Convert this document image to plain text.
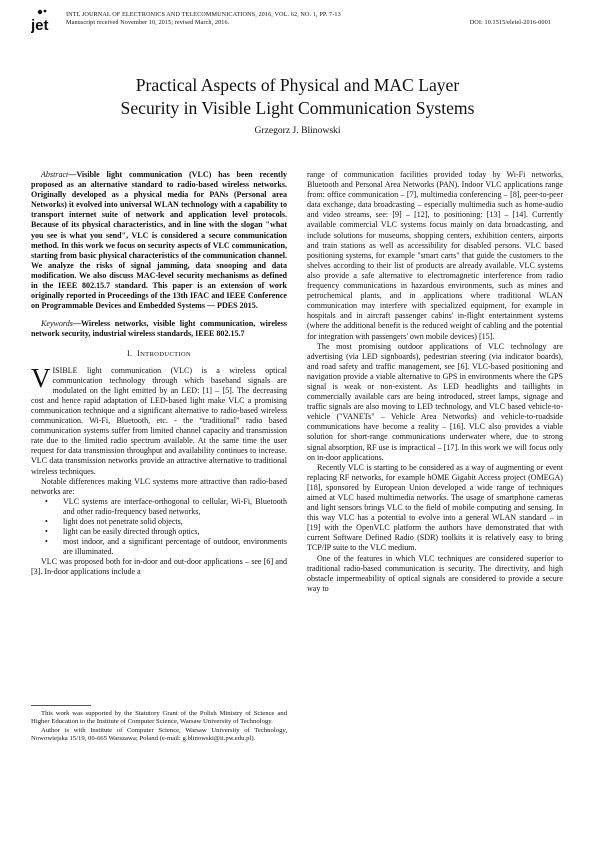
jet
INTL JOURNAL OF ELECTRONICS AND TELECOMMUNICATIONS, 2016, VOL. 62, NO. 1, PP. 7-13
Manuscript received November 10, 2015; revised March, 2016.	DOI: 10.1515/eletel-2016-0001
Practical Aspects of Physical and MAC Layer
Security in Visible Light Communication Systems
Grzegorz J. Blinowski

Abstract—Visible light communication (VLC) has been recently proposed as an alternative standard to radio-based wireless networks. Originally developed as a physical media for PANs (Personal area Networks) it evolved into universal WLAN technology with a capability to transport internet suite of network and application level protocols. Because of its physical characteristics, and in line with the slogan "what you see is what you send", VLC is considered a secure communication method. In this work we focus on security aspects of VLC communication, starting from basic physical characteristics of the communication channel. We analyze the risks of signal jamming, data snooping and data modification. We also discuss MAC-level security mechanisms as defined in the IEEE 802.15.7 standard. This paper is an extension of work originally reported in Proceedings of the 13th IFAC and IEEE Conference on Programmable Devices and Embedded Systems — PDES 2015.

Keywords—Wireless networks, visible light communication, wireless network security, industrial wireless standards, IEEE 802.15.7

I. INTRODUCTION

VISIBLE light communication (VLC) is a wireless optical communication technology through which baseband signals are modulated on the light emitted by an LED: [1] – [5]. The decreasing cost and hence rapid adaptation of LED-based light make VLC a promising communication technique and a significant alternative to radio-based wireless communication. Wi-Fi, Bluetooth, etc. - the “traditional” radio based communication systems suffer from limited channel capacity and transmission rate due to the limited radio spectrum available. At the same time the user request for data transmission throughput and availability continues to increase. VLC data transmission networks provide an attractive alternative to traditional wireless techniques.

Notable differences making VLC systems more attractive than radio-based networks are:

• VLC systems are interface-orthogonal to cellular, Wi-Fi, Bluetooth and other radio-frequency based networks,
• light does not penetrate solid objects,
• light can be easily directed through optics,
• most indoor, and a significant percentage of outdoor, environments are illuminated.

VLC was proposed both for in-door and out-door applications – see [6] and [3]. In-door applications include a

This work was supported by the Statutory Grant of the Polish Ministry of Science and Higher Education to the Institute of Computer Science, Warsaw University of Technology.

Author is with Institute of Computer Science, Warsaw University of Technology, Nowowiejska 15/19, 00-665 Warszawa; Poland (e-mail: g.blinowski@ii.pw.edu.pl).

range of communication facilities provided today by Wi-Fi networks, Bluetooth and Personal Area Networks (PAN). Indoor VLC applications range from: office communication – [7], multimedia conferencing – [8], peer-to-peer data exchange, data broadcasting – especially multimedia such as home-audio and video streams, see: [9] – [12], to positioning: [13] – [14]. Currently available commercial VLC systems focus mainly on data broadcasting, and include solutions for museums, shopping centers, exhibition centers, airports and train stations as well as accessibility for disabled persons. VLC based positioning systems, for example "smart carts" that guide the customers to the shelves according to their list of products are already available. VLC systems also provide a safe alternative to electromagnetic interference from radio frequency communications in hazardous environments, such as mines and petrochemical plants, and in applications where traditional WLAN communication may interfere with specialized equipment, for example in hospitals and in aircraft passenger cabins' in-flight entertainment systems (where the additional benefit is the reduced weight of cabling and the potential for integration with passengers' own mobile devices) [15].

The most promising outdoor applications of VLC technology are advertising (via LED signboards), pedestrian steering (via indicator boards), and road safety and traffic management, see [6]. VLC-based positioning and navigation provide a viable alternative to GPS in environments where the GPS signal is weak or non-existent. As LED headlights and taillights in commercially available cars are being introduced, street lamps, signage and traffic signals are also moving to LED technology, and VLC based vehicle-to-vehicle ("VANETs" – Vehicle Area Networks) and vehicle-to-roadside communications have become a reality – [16]. VLC also provides a viable solution for short-range communications underwater where, due to strong signal absorption, RF use is impractical – [17]. In this work we will focus only on in-door applications.

Recently VLC is starting to be considered as a way of augmenting or event replacing RF networks, for example hOME Gigabit Access project (OMEGA) [18], sponsored by European Union developed a wide range of techniques aimed at VLC based multimedia networks. The usage of smartphone cameras and light sensors brings VLC to the field of mobile computing and sensing. In this way VLC has a potential to evolve into a general WLAN standard – in [19] with the OpenVLC platform the authors have demonstrated that with current Software Defined Radio (SDR) toolkits it is relatively easy to bring TCP/IP suite to the VLC medium.

One of the features in which VLC techniques are considered superior to traditional radio-based communication is security. The directivity, and high obstacle impermeability of optical signals are considered to provide a secure way to
